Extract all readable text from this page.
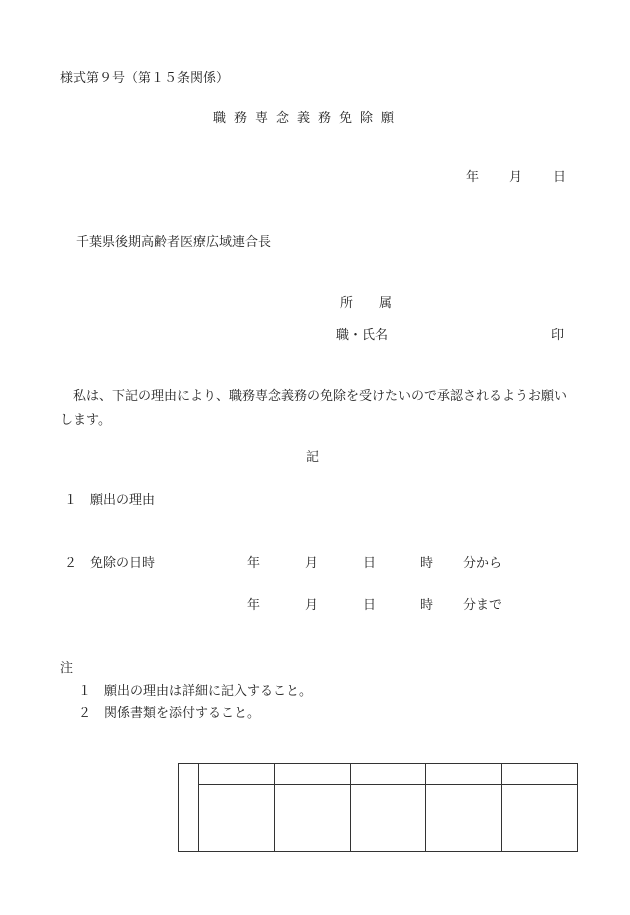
様式第９号（第１５条関係）
職務専念義務免除願
年 月 日
千葉県後期高齢者医療広域連合長
所　　属
職・氏名	印
私は、下記の理由により、職務専念義務の免除を受けたいので承認されるようお願いします。
記
１ 願出の理由
２ 免除の日時	年	月	日	時 分から
年	月	日	時 分まで
注
１ 願出の理由は詳細に記入すること。
２ 関係書類を添付すること。
